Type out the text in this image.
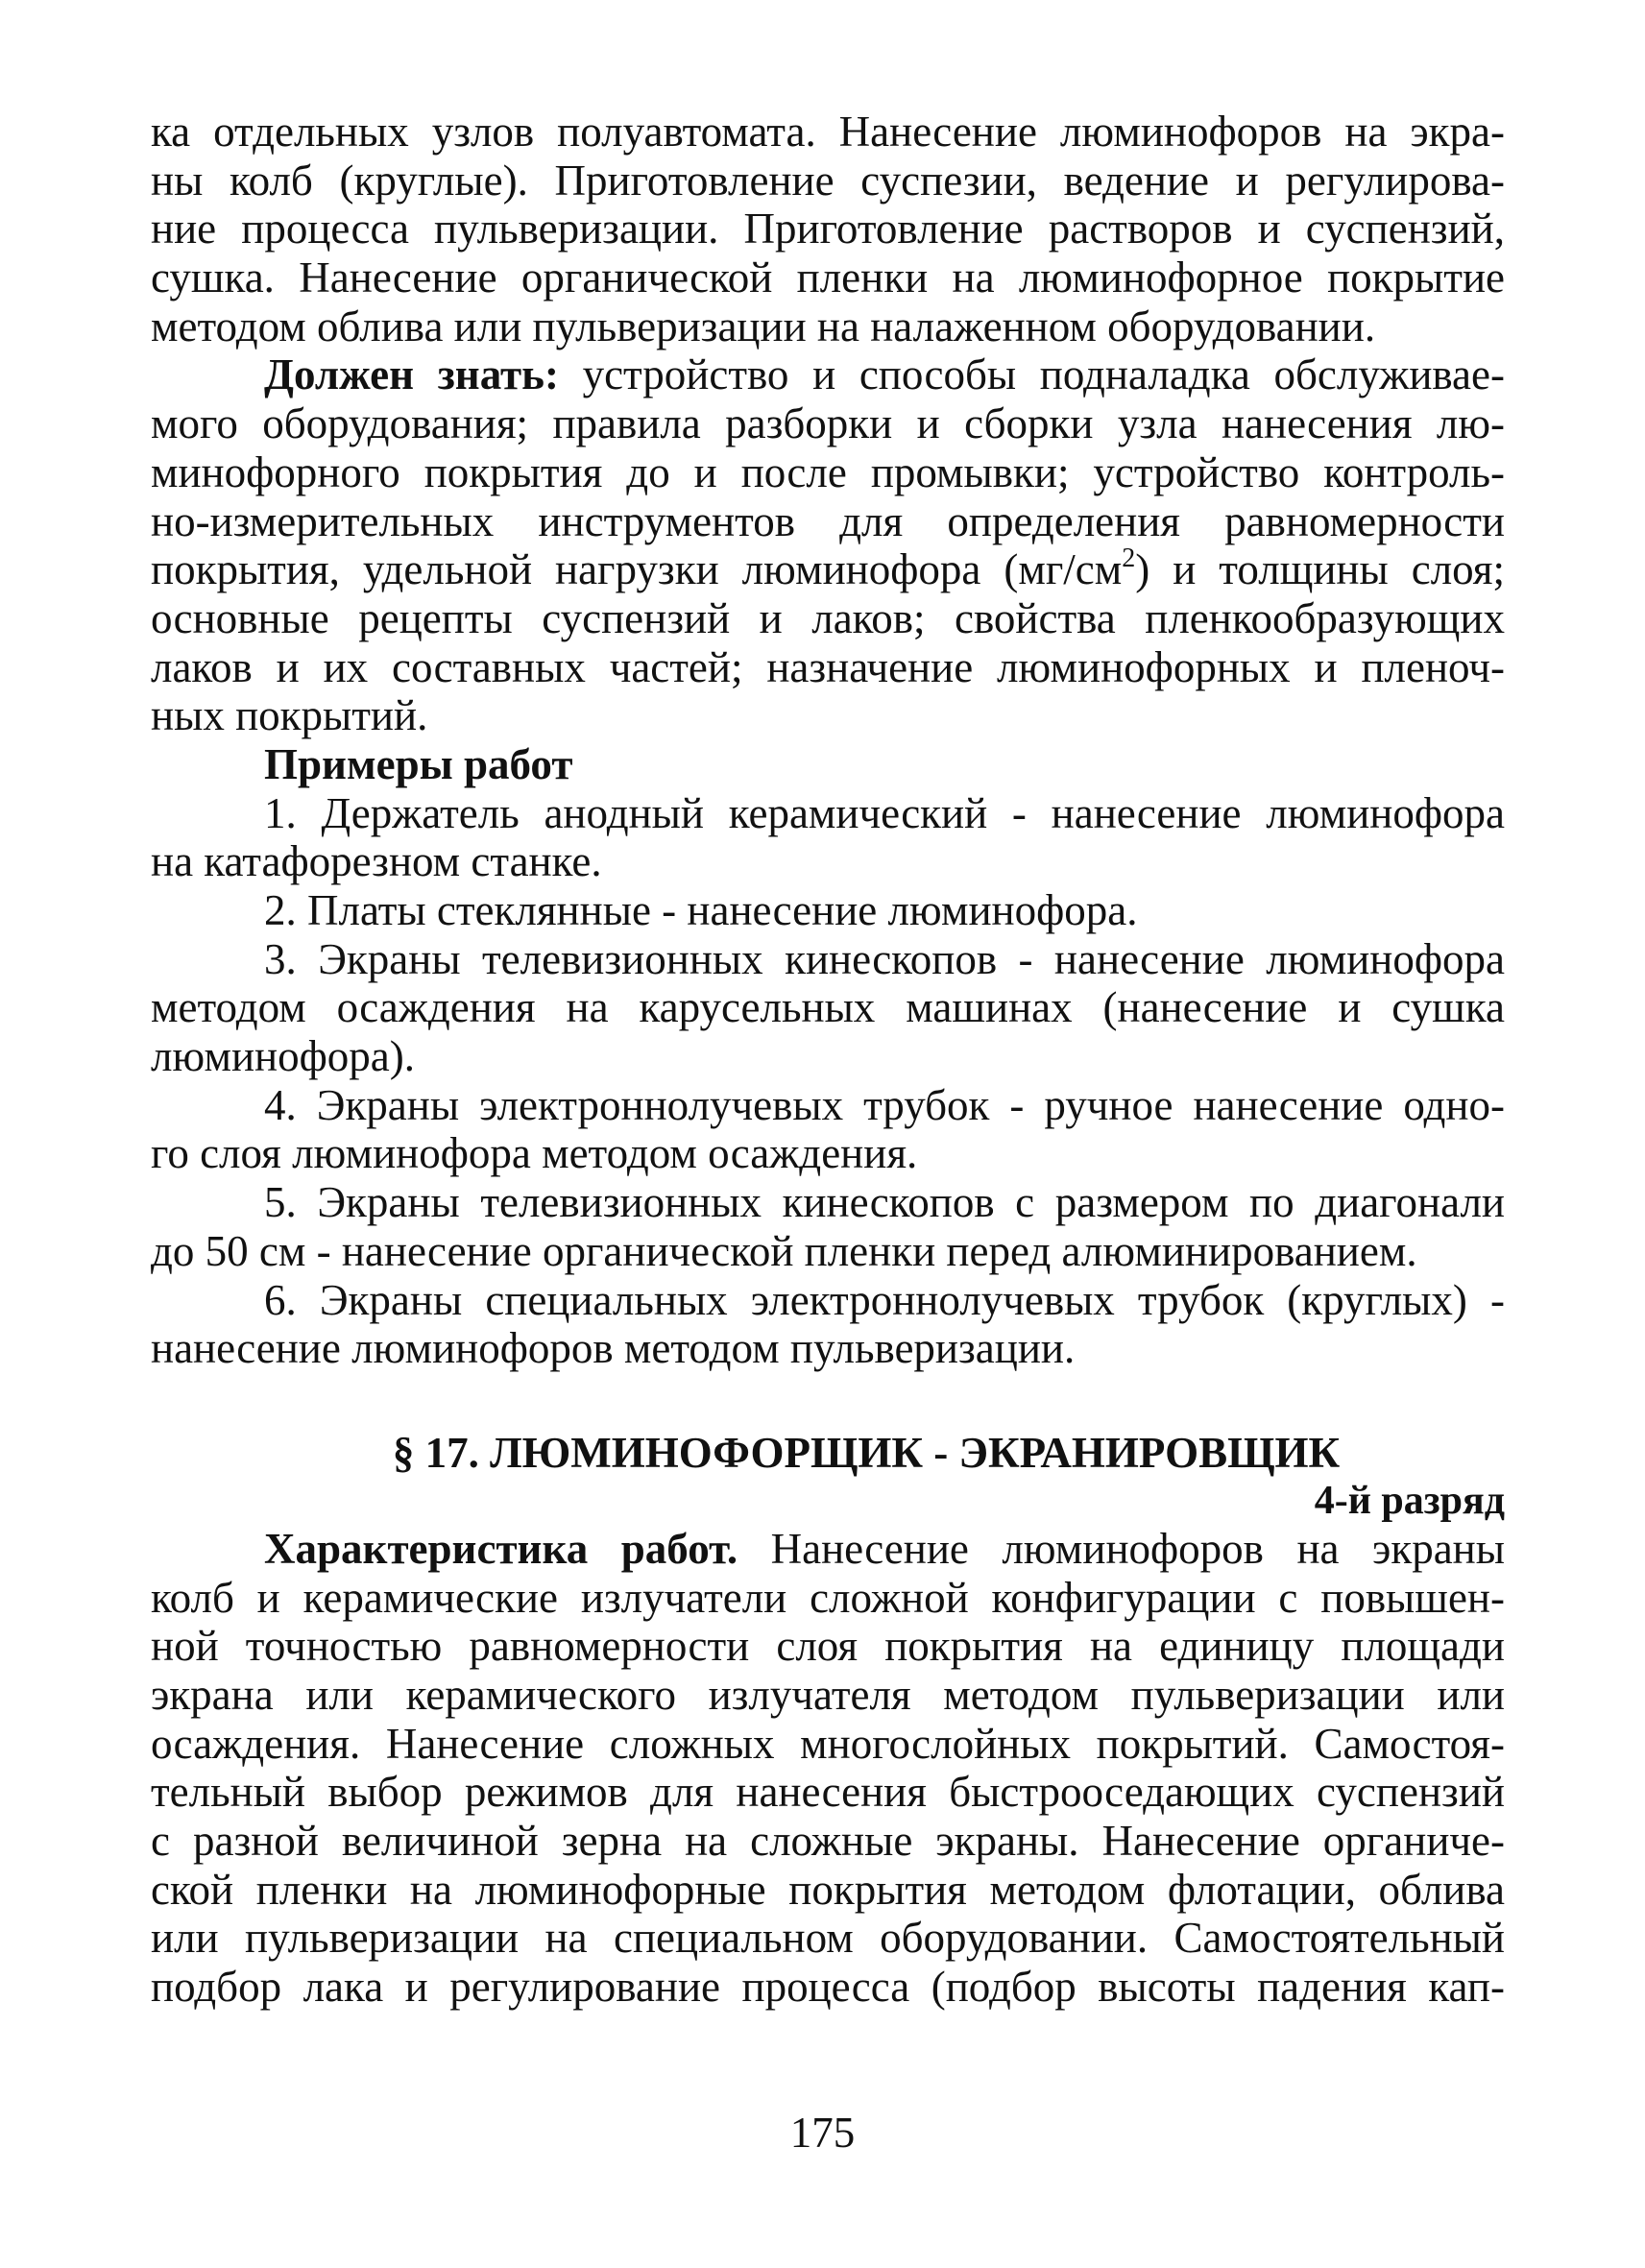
ка отдельных узлов полуавтомата. Нанесение люминофоров на экра-
ны колб (круглые). Приготовление суспезии, ведение и регулирова-
ние процесса пульверизации. Приготовление растворов и суспензий,
сушка. Нанесение органической пленки на люминофорное покрытие
методом облива или пульверизации на налаженном оборудовании.
Должен знать: устройство и способы подналадка обслуживае-
мого оборудования; правила разборки и сборки узла нанесения лю-
минофорного покрытия до и после промывки; устройство контроль-
но-измерительных инструментов для определения равномерности
покрытия, удельной нагрузки люминофора $(мг/см^2)$ и толщины слоя;
основные рецепты суспензий и лаков; свойства пленкообразующих
лаков и их составных частей; назначение люминофорных и пленоч-
ных покрытий.
Примеры работ
1. Держатель анодный керамический - нанесение люминофора
на катафорезном станке.
2. Платы стеклянные - нанесение люминофора.
3. Экраны телевизионных кинескопов - нанесение люминофора
методом осаждения на карусельных машинах (нанесение и сушка
люминофора).
4. Экраны электроннолучевых трубок - ручное нанесение одно-
го слоя люминофора методом осаждения.
5. Экраны телевизионных кинескопов с размером по диагонали
до 50 см - нанесение органической пленки перед алюминированием.
6. Экраны специальных электроннолучевых трубок (круглых) -
нанесение люминофоров методом пульверизации.
§ 17. ЛЮМИНОФОРЩИК - ЭКРАНИРОВЩИК
4-й разряд
Характеристика работ. Нанесение люминофоров на экраны
колб и керамические излучатели сложной конфигурации с повышен-
ной точностью равномерности слоя покрытия на единицу площади
экрана или керамического излучателя методом пульверизации или
осаждения. Нанесение сложных многослойных покрытий. Самостоя-
тельный выбор режимов для нанесения быстрооседающих суспензий
с разной величиной зерна на сложные экраны. Нанесение органиче-
ской пленки на люминофорные покрытия методом флотации, облива
или пульверизации на специальном оборудовании. Самостоятельный
подбор лака и регулирование процесса (подбор высоты падения кап-
175
